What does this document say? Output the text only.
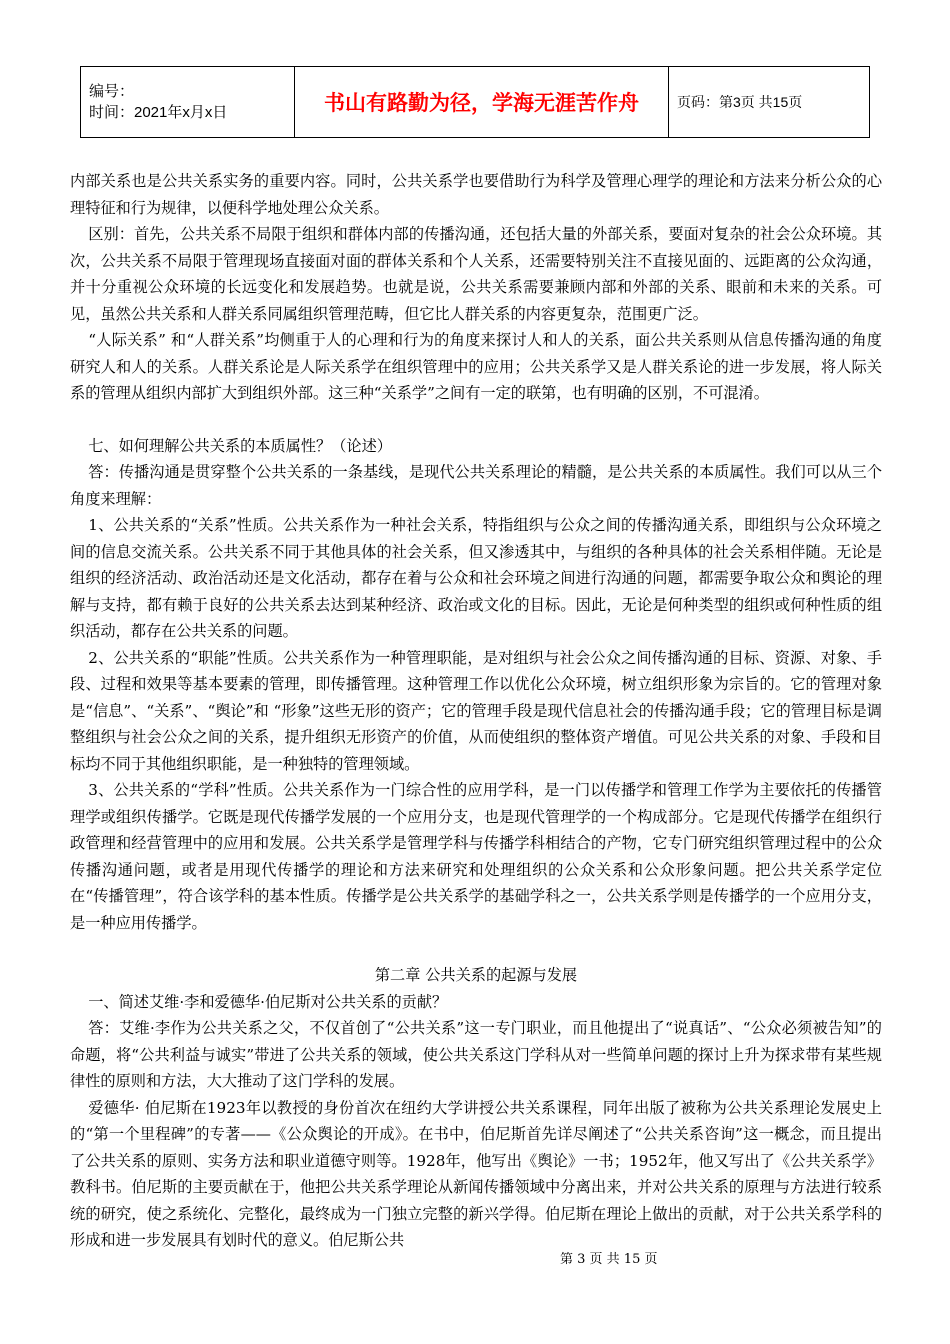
编号：
时间：2021年x月x日	书山有路勤为径，学海无涯苦作舟	页码：第3页 共15页

内部关系也是公共关系实务的重要内容。同时，公共关系学也要借助行为科学及管理心理学的理论和方法来分析公众的心理特征和行为规律，以便科学地处理公众关系。

区别：首先，公共关系不局限于组织和群体内部的传播沟通，还包括大量的外部关系，要面对复杂的社会公众环境。其次，公共关系不局限于管理现场直接面对面的群体关系和个人关系，还需要特别关注不直接见面的、远距离的公众沟通，并十分重视公众环境的长远变化和发展趋势。也就是说，公共关系需要兼顾内部和外部的关系、眼前和未来的关系。可见，虽然公共关系和人群关系同属组织管理范畴，但它比人群关系的内容更复杂，范围更广泛。

“人际关系” 和“人群关系”均侧重于人的心理和行为的角度来探讨人和人的关系，面公共关系则从信息传播沟通的角度研究人和人的关系。人群关系论是人际关系学在组织管理中的应用；公共关系学又是人群关系论的进一步发展，将人际关系的管理从组织内部扩大到组织外部。这三种“关系学”之间有一定的联第，也有明确的区别，不可混淆。

七、如何理解公共关系的本质属性？（论述）

答：传播沟通是贯穿整个公共关系的一条基线，是现代公共关系理论的精髓，是公共关系的本质属性。我们可以从三个角度来理解：

1、公共关系的“关系”性质。公共关系作为一种社会关系，特指组织与公众之间的传播沟通关系，即组织与公众环境之间的信息交流关系。公共关系不同于其他具体的社会关系，但又渗透其中，与组织的各种具体的社会关系相伴随。无论是组织的经济活动、政治活动还是文化活动，都存在着与公众和社会环境之间进行沟通的问题，都需要争取公众和舆论的理解与支持，都有赖于良好的公共关系去达到某种经济、政治或文化的目标。因此，无论是何种类型的组织或何种性质的组织活动，都存在公共关系的问题。

2、公共关系的“职能”性质。公共关系作为一种管理职能，是对组织与社会公众之间传播沟通的目标、资源、对象、手段、过程和效果等基本要素的管理，即传播管理。这种管理工作以优化公众环境，树立组织形象为宗旨的。它的管理对象是“信息”、“关系”、“舆论”和 “形象”这些无形的资产；它的管理手段是现代信息社会的传播沟通手段；它的管理目标是调整组织与社会公众之间的关系，提升组织无形资产的价值，从而使组织的整体资产增值。可见公共关系的对象、手段和目标均不同于其他组织职能，是一种独特的管理领域。

3、公共关系的“学科”性质。公共关系作为一门综合性的应用学科，是一门以传播学和管理工作学为主要依托的传播管理学或组织传播学。它既是现代传播学发展的一个应用分支，也是现代管理学的一个构成部分。它是现代传播学在组织行政管理和经营管理中的应用和发展。公共关系学是管理学科与传播学科相结合的产物，它专门研究组织管理过程中的公众传播沟通问题，或者是用现代传播学的理论和方法来研究和处理组织的公众关系和公众形象问题。把公共关系学定位在“传播管理”，符合该学科的基本性质。传播学是公共关系学的基础学科之一，公共关系学则是传播学的一个应用分支，是一种应用传播学。

第二章 公共关系的起源与发展

一、简述艾维·李和爱德华·伯尼斯对公共关系的贡献？

答：艾维·李作为公共关系之父，不仅首创了“公共关系”这一专门职业，而且他提出了“说真话”、“公众必须被告知”的命题，将“公共利益与诚实”带进了公共关系的领域，使公共关系这门学科从对一些简单问题的探讨上升为探求带有某些规律性的原则和方法，大大推动了这门学科的发展。

爱德华· 伯尼斯在1923年以教授的身份首次在纽约大学讲授公共关系课程，同年出版了被称为公共关系理论发展史上的“第一个里程碑”的专著——《公众舆论的开成》。在书中，伯尼斯首先详尽阐述了“公共关系咨询”这一概念，而且提出了公共关系的原则、实务方法和职业道德守则等。1928年，他写出《舆论》一书；1952年，他又写出了《公共关系学》教科书。伯尼斯的主要贡献在于，他把公共关系学理论从新闻传播领域中分离出来，并对公共关系的原理与方法进行较系统的研究，使之系统化、完整化，最终成为一门独立完整的新兴学得。伯尼斯在理论上做出的贡献，对于公共关系学科的形成和进一步发展具有划时代的意义。伯尼斯公共

第 3 页 共 15 页
